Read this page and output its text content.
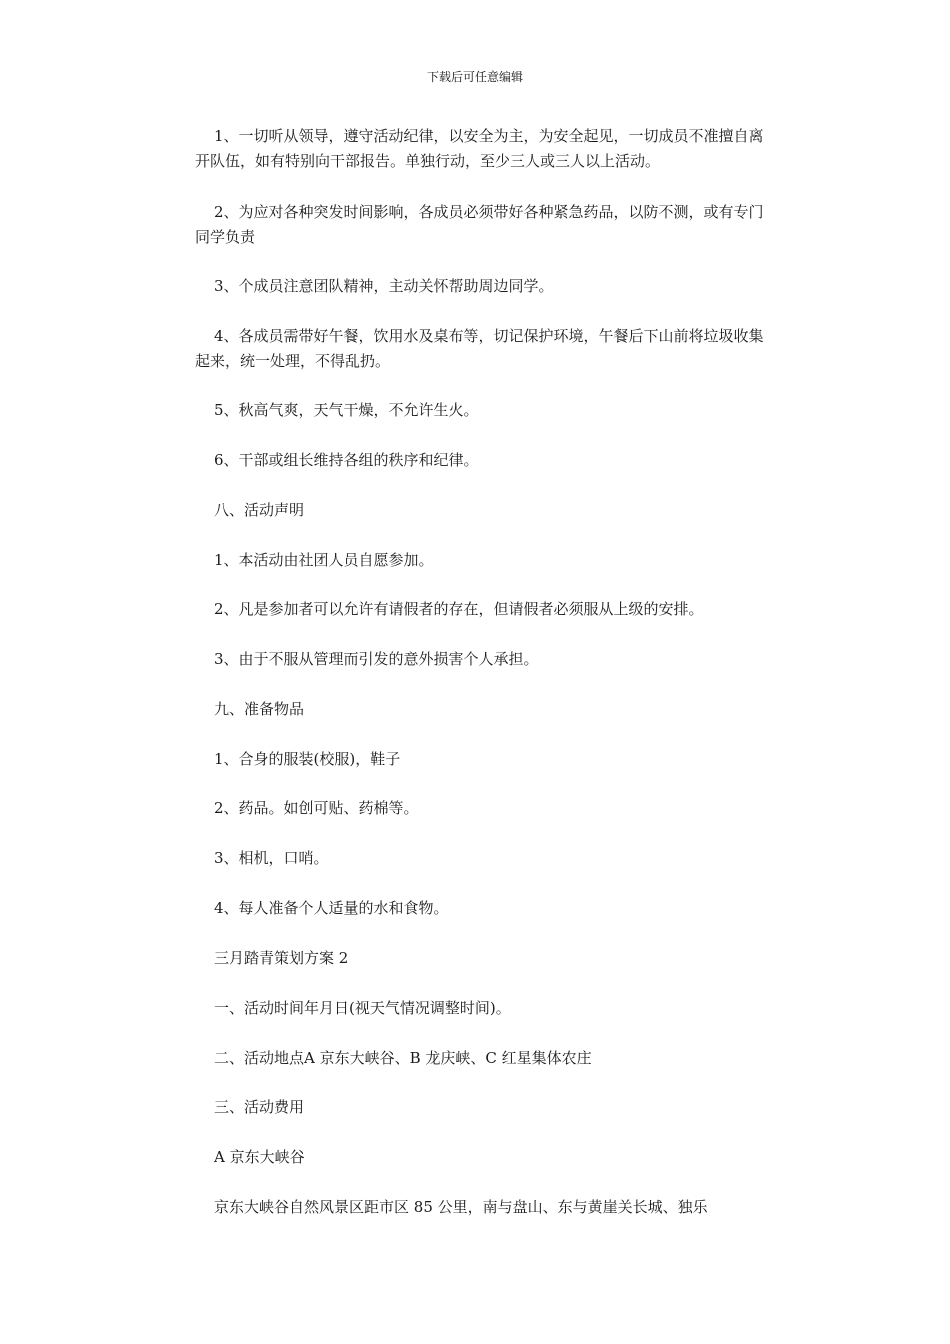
下载后可任意编辑
1、一切听从领导，遵守活动纪律，以安全为主，为安全起见，一切成员不准擅自离开队伍，如有特别向干部报告。单独行动，至少三人或三人以上活动。
2、为应对各种突发时间影响，各成员必须带好各种紧急药品，以防不测，或有专门同学负责
3、个成员注意团队精神，主动关怀帮助周边同学。
4、各成员需带好午餐，饮用水及桌布等，切记保护环境，午餐后下山前将垃圾收集起来，统一处理，不得乱扔。
5、秋高气爽，天气干燥，不允许生火。
6、干部或组长维持各组的秩序和纪律。
八、活动声明
1、本活动由社团人员自愿参加。
2、凡是参加者可以允许有请假者的存在，但请假者必须服从上级的安排。
3、由于不服从管理而引发的意外损害个人承担。
九、准备物品
1、合身的服装(校服)，鞋子
2、药品。如创可贴、药棉等。
3、相机，口哨。
4、每人准备个人适量的水和食物。
三月踏青策划方案 2
一、活动时间年月日(视天气情况调整时间)。
二、活动地点A 京东大峡谷、B 龙庆峡、C 红星集体农庄
三、活动费用
A 京东大峡谷
京东大峡谷自然风景区距市区 85 公里，南与盘山、东与黄崖关长城、独乐
